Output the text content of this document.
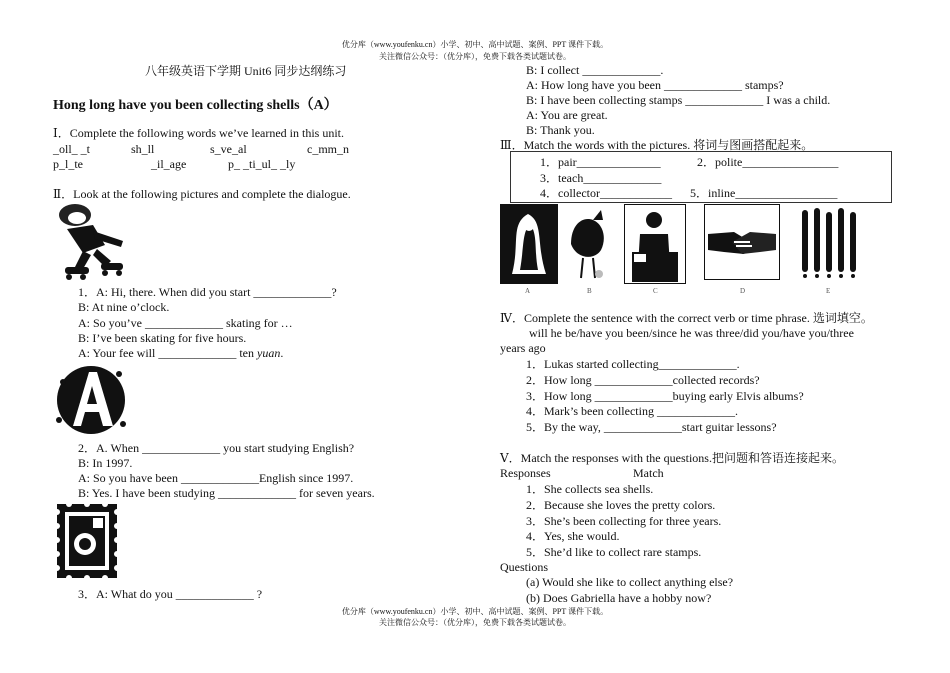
优分库（www.youfenku.cn）小学、初中、高中试题、案例、PPT 课件下载。
关注微信公众号：（优分库），免费下载各类试题试卷。
八年级英语下学期 Unit6 同步达纲练习
Hong long have you been collecting shells（A）
Ⅰ．Complete the following words we’ve learned in this unit.
_oll_ _t	sh_ll	s_ve_al	c_mm_n
p_l_te	_il_age	p_ _ti_ul_ _ly
Ⅱ．Look at the following pictures and complete the dialogue.
1．A: Hi, there. When did you start _____________?
B: At nine o’clock.
A: So you’ve _____________ skating for …
B: I’ve been skating for five hours.
A: Your fee will _____________ ten yuan.
2．A. When _____________ you start studying English?
B: In 1997.
A: So you have been _____________English since 1997.
B: Yes. I have been studying _____________ for seven years.
3．A: What do you _____________ ?
B: I collect _____________.
A: How long have you been _____________ stamps?
B: I have been collecting stamps _____________ I was a child.
A: You are great.
B: Thank you.
Ⅲ．Match the words with the pictures. 将词与图画搭配起来。
1．pair______________	2．polite________________
3．teach_____________
4．collector____________ 5．inline_________________
A	B	C	D	E
Ⅳ．Complete the sentence with the correct verb or time phrase. 选词填空。
will he be/have you been/since he was three/did you/have you/three
years ago
1．Lukas started collecting_____________.
2．How long _____________collected records?
3．How long _____________buying early Elvis albums?
4．Mark’s been collecting _____________.
5．By the way, _____________start guitar lessons?
Ⅴ．Match the responses with the questions.把问题和答语连接起来。
Responses	Match
1．She collects sea shells.
2．Because she loves the pretty colors.
3．She’s been collecting for three years.
4．Yes, she would.
5．She’d like to collect rare stamps.
Questions
(a) Would she like to collect anything else?
(b) Does Gabriella have a hobby now?
优分库（www.youfenku.cn）小学、初中、高中试题、案例、PPT 课件下载。
关注微信公众号：（优分库），免费下载各类试题试卷。
